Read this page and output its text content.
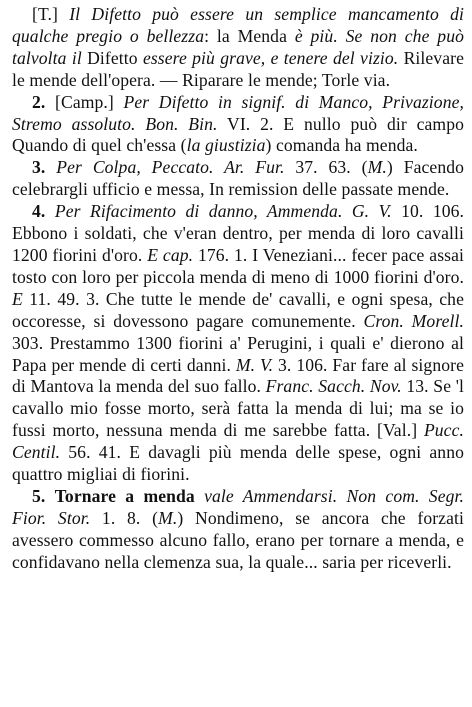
[T.] Il Difetto può essere un semplice mancamento di qualche pregio o bellezza: la Menda è più. Se non che può talvolta il Difetto essere più grave, e tenere del vizio. Rilevare le mende dell'opera. — Riparare le mende; Torle via.

2. [Camp.] Per Difetto in signif. di Manco, Privazione, Stremo assoluto. Bon. Bin. VI. 2. E nullo può dir campo Quando di quel ch'essa (la giustizia) comanda ha menda.

3. Per Colpa, Peccato. Ar. Fur. 37. 63. (M.) Facendo celebrargli ufficio e messa, In remission delle passate mende.

4. Per Rifacimento di danno, Ammenda. G. V. 10. 106. Ebbono i soldati, che v'eran dentro, per menda di loro cavalli 1200 fiorini d'oro. E cap. 176. 1. I Veneziani... fecer pace assai tosto con loro per piccola menda di meno di 1000 fiorini d'oro. E 11. 49. 3. Che tutte le mende de' cavalli, e ogni spesa, che occoresse, si dovessono pagare comunemente. Cron. Morell. 303. Prestammo 1300 fiorini a' Perugini, i quali e' dierono al Papa per mende di certi danni. M. V. 3. 106. Far fare al signore di Mantova la menda del suo fallo. Franc. Sacch. Nov. 13. Se 'l cavallo mio fosse morto, serà fatta la menda di lui; ma se io fussi morto, nessuna menda di me sarebbe fatta. [Val.] Pucc. Centil. 56. 41. E davagli più menda delle spese, ogni anno quattro migliai di fiorini.

5. Tornare a menda vale Ammendarsi. Non com. Segr. Fior. Stor. 1. 8. (M.) Nondimeno, se ancora che forzati avessero commesso alcuno fallo, erano per tornare a menda, e confidavano nella clemenza sua, la quale... saria per riceverli.
